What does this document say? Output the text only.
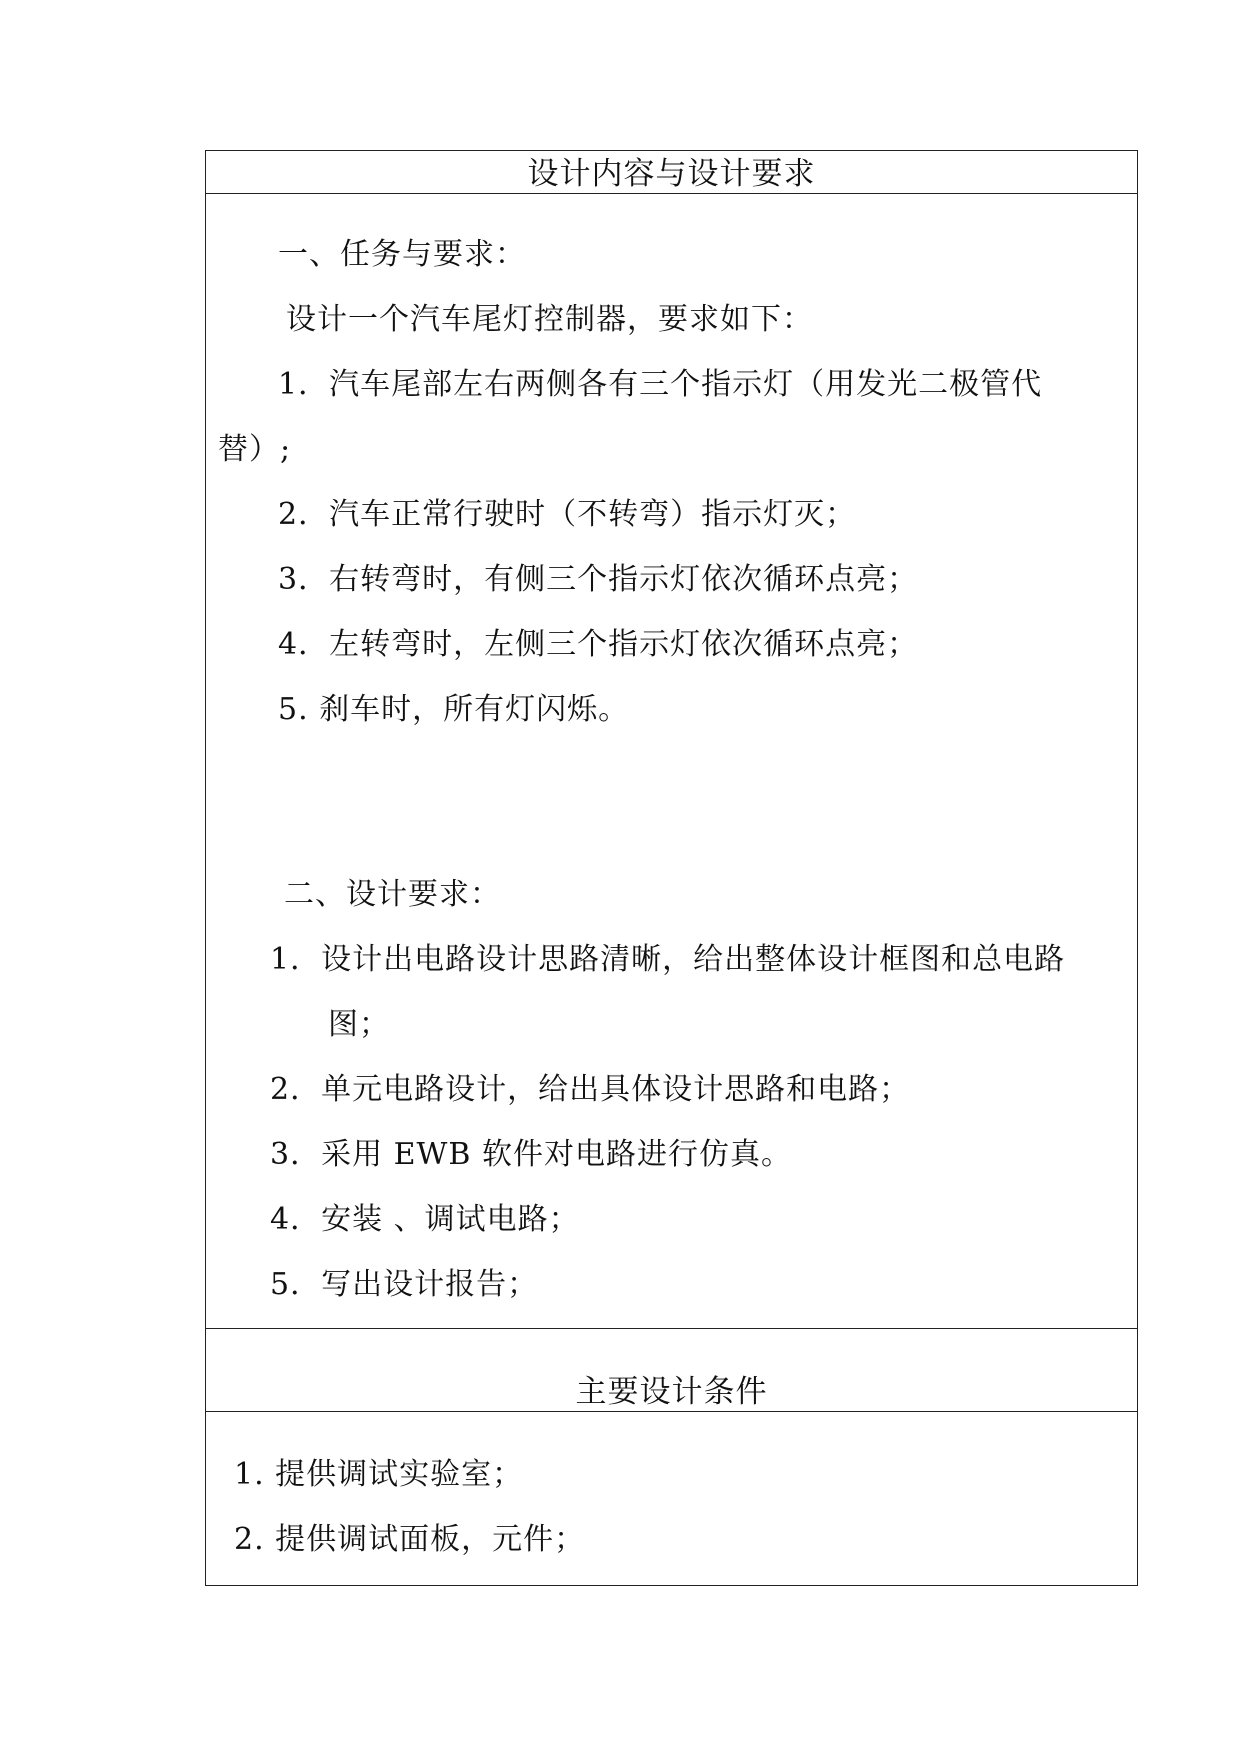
设计内容与设计要求
一、任务与要求：
设计一个汽车尾灯控制器，要求如下：
1．汽车尾部左右两侧各有三个指示灯（用发光二极管代
替）;
2．汽车正常行驶时（不转弯）指示灯灭；
3．右转弯时，有侧三个指示灯依次循环点亮；
4．左转弯时，左侧三个指示灯依次循环点亮；
5. 刹车时，所有灯闪烁。
二、设计要求：
1．设计出电路设计思路清晰，给出整体设计框图和总电路
图；
2．单元电路设计，给出具体设计思路和电路；
3．采用 EWB 软件对电路进行仿真。
4．安装 、调试电路；
5．写出设计报告；
主要设计条件
1. 提供调试实验室；
2. 提供调试面板，元件；
